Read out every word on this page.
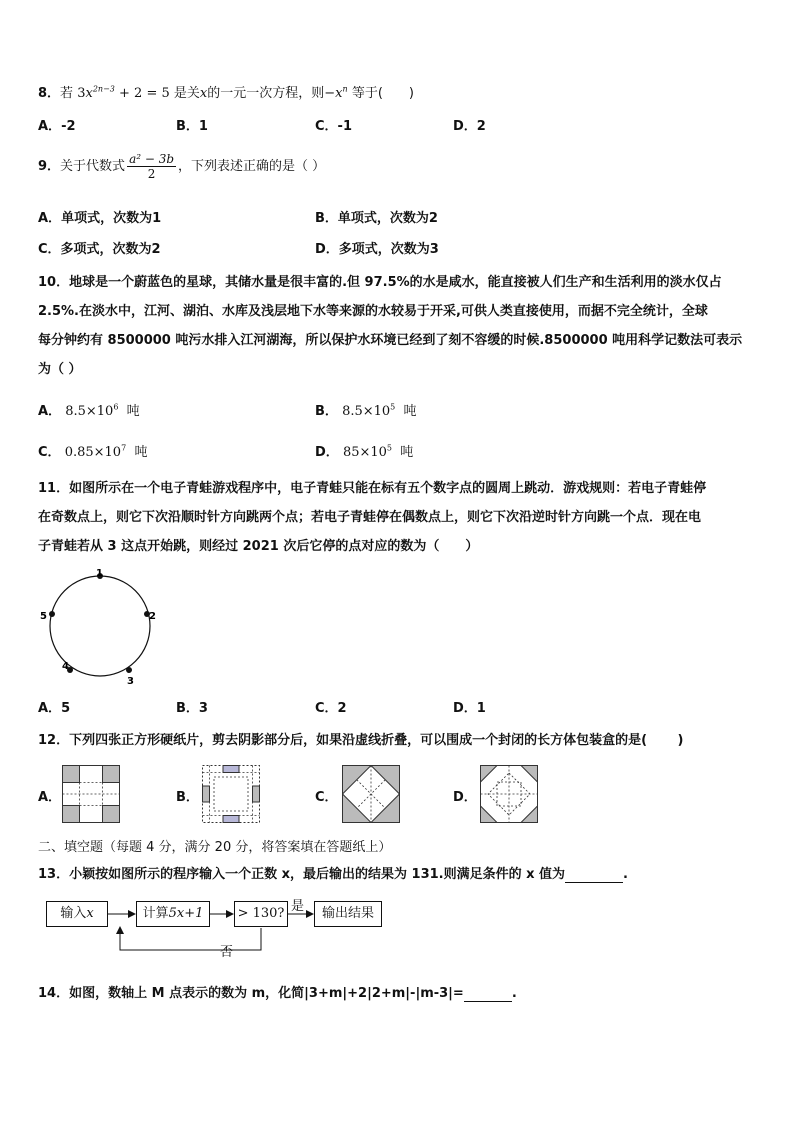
8．若 $3x^{2n-3} + 2 = 5$ 是关x的一元一次方程，则$-x^n$ 等于(　　)
A．-2	B．1	C．-1	D．2
9．关于代数式 $\frac{\text{a² − 3b}}{2}$ ，下列表述正确的是（ ）
A．单项式，次数为1	B．单项式，次数为2
C．多项式，次数为2	D．多项式，次数为3
10．地球是一个蔚蓝色的星球，其储水量是很丰富的.但 97.5%的水是咸水，能直接被人们生产和生活利用的淡水仅占
2.5%.在淡水中，江河、湖泊、水库及浅层地下水等来源的水较易于开采,可供人类直接使用，而据不完全统计，全球
每分钟约有 8500000 吨污水排入江河湖海，所以保护水环境已经到了刻不容缓的时候.8500000 吨用科学记数法可表示
为（ ）
A． $8.5\times 10^6$ 吨	B． $8.5\times 10^5$ 吨
C． $0.85\times 10^7$ 吨	D． $85\times 10^5$ 吨
11．如图所示在一个电子青蛙游戏程序中，电子青蛙只能在标有五个数字点的圆周上跳动．游戏规则：若电子青蛙停
在奇数点上，则它下次沿顺时针方向跳两个点；若电子青蛙停在偶数点上，则它下次沿逆时针方向跳一个点．现在电
子青蛙若从 3 这点开始跳，则经过 2021 次后它停的点对应的数为（　　）
1
2
3
4
5
A．5	B．3	C．2	D．1
12．下列四张正方形硬纸片，剪去阴影部分后，如果沿虚线折叠，可以围成一个封闭的长方体包装盒的是(　　 )
A．	B．	C．	D．
二、填空题（每题 4 分，满分 20 分，将答案填在答题纸上）
13．小颖按如图所示的程序输入一个正数 x，最后输出的结果为 131.则满足条件的 x 值为	.
输入x	计算5x+1	> 130?	输出结果
是
否
14．如图，数轴上 M 点表示的数为 m，化简|3+m|+2|2+m|-|m-3|=	.
